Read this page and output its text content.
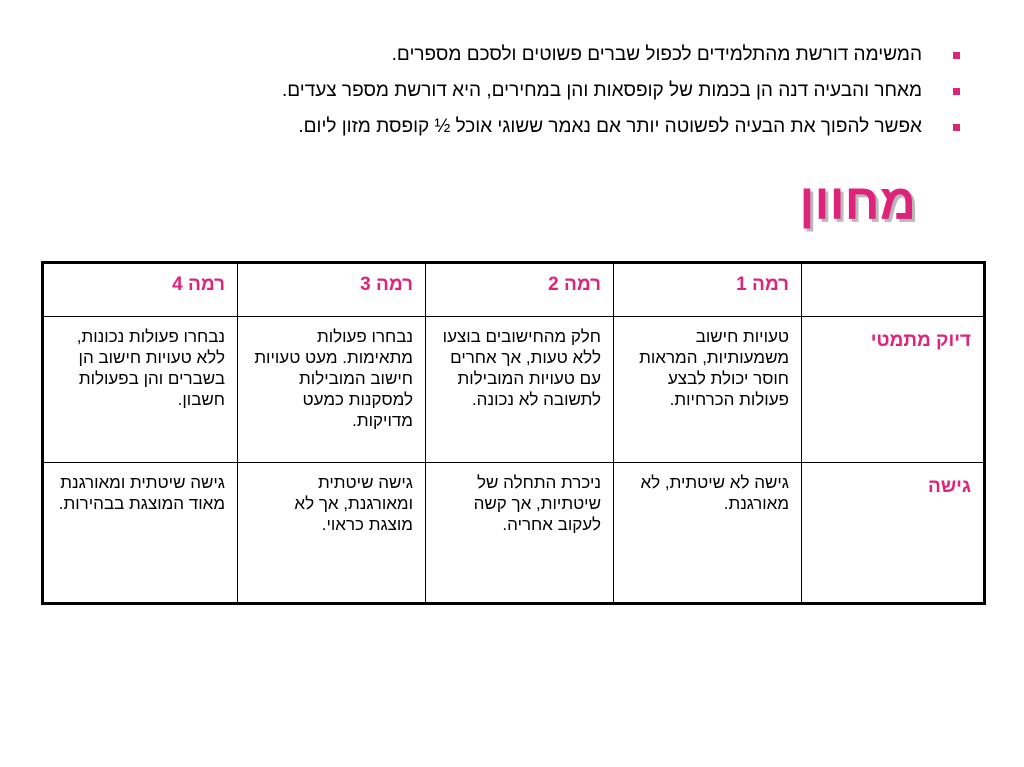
המשימה דורשת מהתלמידים לכפול שברים פשוטים ולסכם מספרים.
מאחר והבעיה דנה הן בכמות של קופסאות והן במחירים, היא דורשת מספר צעדים.
אפשר להפוך את הבעיה לפשוטה יותר אם נאמר ששוגי אוכל ½ קופסת מזון ליום.
מחוון
	רמה 1	רמה 2	רמה 3	רמה 4
דיוק מתמטי	טעויות חישוב משמעותיות, המראות חוסר יכולת לבצע פעולות הכרחיות.	חלק מהחישובים בוצעו ללא טעות, אך אחרים עם טעויות המובילות לתשובה לא נכונה.	נבחרו פעולות מתאימות. מעט טעויות חישוב המובילות למסקנות כמעט מדויקות.	נבחרו פעולות נכונות, ללא טעויות חישוב הן בשברים והן בפעולות חשבון.
גישה	גישה לא שיטתית, לא מאורגנת.	ניכרת התחלה של שיטתיות, אך קשה לעקוב אחריה.	גישה שיטתית ומאורגנת, אך לא מוצגת כראוי.	גישה שיטתית ומאורגנת מאוד המוצגת בבהירות.
